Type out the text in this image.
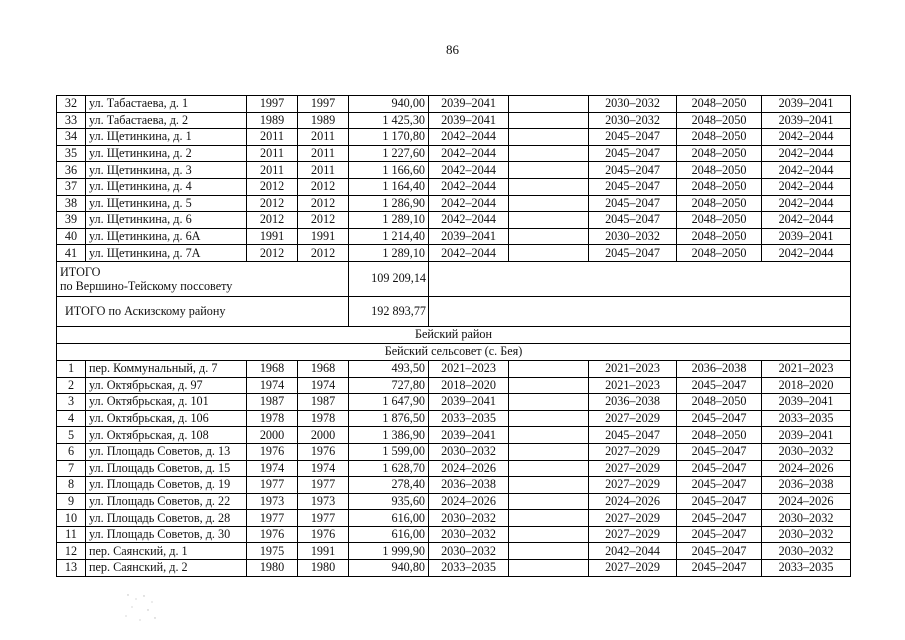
86
32	ул. Табастаева, д. 1	1997	1997	940,00	2039–2041		2030–2032	2048–2050	2039–2041
33	ул. Табастаева, д. 2	1989	1989	1 425,30	2039–2041		2030–2032	2048–2050	2039–2041
34	ул. Щетинкина, д. 1	2011	2011	1 170,80	2042–2044		2045–2047	2048–2050	2042–2044
35	ул. Щетинкина, д. 2	2011	2011	1 227,60	2042–2044		2045–2047	2048–2050	2042–2044
36	ул. Щетинкина, д. 3	2011	2011	1 166,60	2042–2044		2045–2047	2048–2050	2042–2044
37	ул. Щетинкина, д. 4	2012	2012	1 164,40	2042–2044		2045–2047	2048–2050	2042–2044
38	ул. Щетинкина, д. 5	2012	2012	1 286,90	2042–2044		2045–2047	2048–2050	2042–2044
39	ул. Щетинкина, д. 6	2012	2012	1 289,10	2042–2044		2045–2047	2048–2050	2042–2044
40	ул. Щетинкина, д. 6А	1991	1991	1 214,40	2039–2041		2030–2032	2048–2050	2039–2041
41	ул. Щетинкина, д. 7А	2012	2012	1 289,10	2042–2044		2045–2047	2048–2050	2042–2044

ИТОГО
по Вершино-Тейскому поссовету				109 209,14					
ИТОГО по Аскизскому району				192 893,77					
Бейский район									
Бейский сельсовет (с. Бея)									
1	пер. Коммунальный, д. 7	1968	1968	493,50	2021–2023		2021–2023	2036–2038	2021–2023
2	ул. Октябрьская, д. 97	1974	1974	727,80	2018–2020		2021–2023	2045–2047	2018–2020
3	ул. Октябрьская, д. 101	1987	1987	1 647,90	2039–2041		2036–2038	2048–2050	2039–2041
4	ул. Октябрьская, д. 106	1978	1978	1 876,50	2033–2035		2027–2029	2045–2047	2033–2035
5	ул. Октябрьская, д. 108	2000	2000	1 386,90	2039–2041		2045–2047	2048–2050	2039–2041
6	ул. Площадь Советов, д. 13	1976	1976	1 599,00	2030–2032		2027–2029	2045–2047	2030–2032
7	ул. Площадь Советов, д. 15	1974	1974	1 628,70	2024–2026		2027–2029	2045–2047	2024–2026
8	ул. Площадь Советов, д. 19	1977	1977	278,40	2036–2038		2027–2029	2045–2047	2036–2038
9	ул. Площадь Советов, д. 22	1973	1973	935,60	2024–2026		2024–2026	2045–2047	2024–2026
10	ул. Площадь Советов, д. 28	1977	1977	616,00	2030–2032		2027–2029	2045–2047	2030–2032
11	ул. Площадь Советов, д. 30	1976	1976	616,00	2030–2032		2027–2029	2045–2047	2030–2032
12	пер. Саянский, д. 1	1975	1991	1 999,90	2030–2032		2042–2044	2045–2047	2030–2032
13	пер. Саянский, д. 2	1980	1980	940,80	2033–2035		2027–2029	2045–2047	2033–2035
